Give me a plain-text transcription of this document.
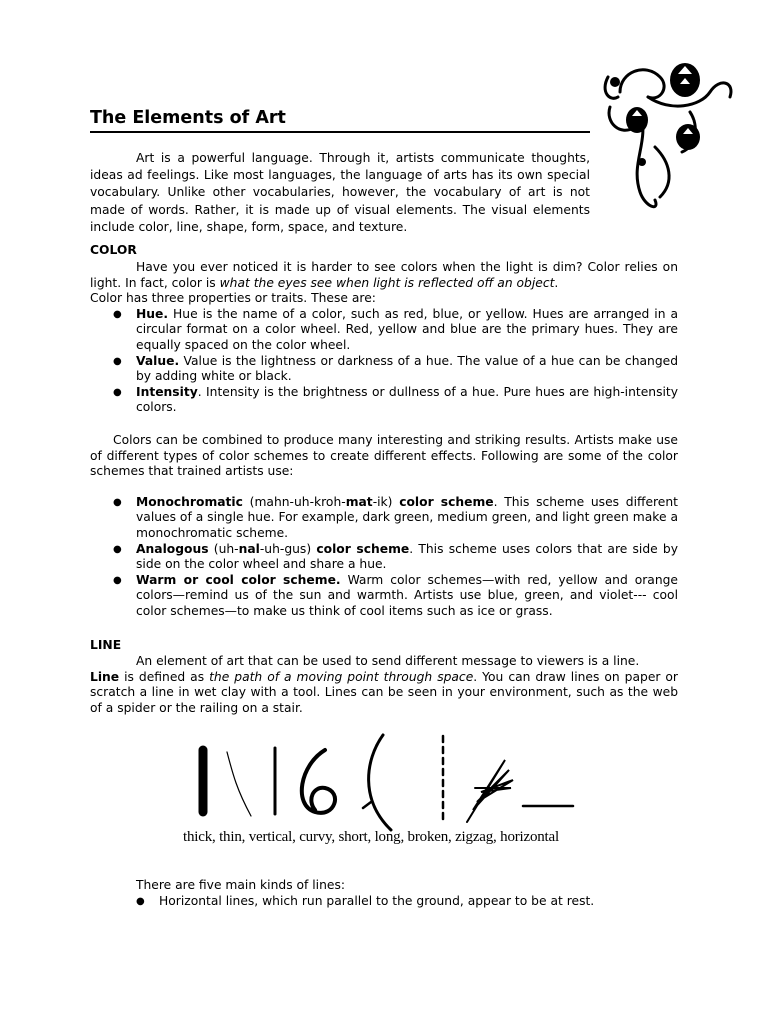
The Elements of Art

Art is a powerful language. Through it, artists communicate thoughts, ideas ad feelings. Like most languages, the language of arts has its own special vocabulary. Unlike other vocabularies, however, the vocabulary of art is not made of words. Rather, it is made up of visual elements. The visual elements include color, line, shape, form, space, and texture.

COLOR

Have you ever noticed it is harder to see colors when the light is dim? Color relies on light. In fact, color is what the eyes see when light is reflected off an object.

Color has three properties or traits. These are:

● Hue. Hue is the name of a color, such as red, blue, or yellow. Hues are arranged in a circular format on a color wheel. Red, yellow and blue are the primary hues. They are equally spaced on the color wheel.
● Value. Value is the lightness or darkness of a hue. The value of a hue can be changed by adding white or black.
● Intensity. Intensity is the brightness or dullness of a hue. Pure hues are high-intensity colors.

Colors can be combined to produce many interesting and striking results. Artists make use of different types of color schemes to create different effects. Following are some of the color schemes that trained artists use:

● Monochromatic (mahn-uh-kroh-mat-ik) color scheme. This scheme uses different values of a single hue. For example, dark green, medium green, and light green make a monochromatic scheme.
● Analogous (uh-nal-uh-gus) color scheme. This scheme uses colors that are side by side on the color wheel and share a hue.
● Warm or cool color scheme. Warm color schemes—with red, yellow and orange colors—remind us of the sun and warmth. Artists use blue, green, and violet--- cool color schemes—to make us think of cool items such as ice or grass.
LINE

An element of art that can be used to send different message to viewers is a line.

Line is defined as the path of a moving point through space. You can draw lines on paper or scratch a line in wet clay with a tool. Lines can be seen in your environment, such as the web of a spider or the railing on a stair.

thick, thin, vertical, curvy, short, long, broken, zigzag, horizontal

There are five main kinds of lines:

● Horizontal lines, which run parallel to the ground, appear to be at rest.
